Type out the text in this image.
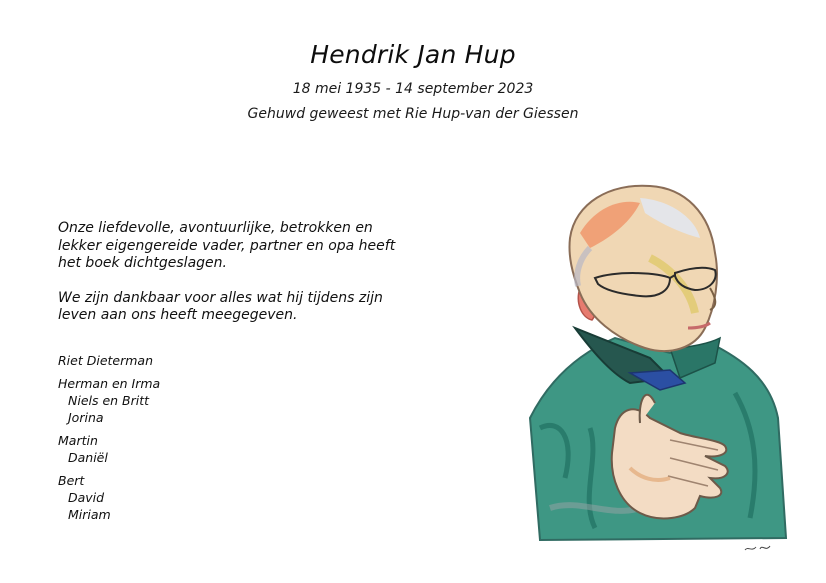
Hendrik Jan Hup
18 mei 1935 - 14 september 2023
Gehuwd geweest met Rie Hup-van der Giessen

Onze liefdevolle, avontuurlijke, betrokken en lekker eigengereide vader, partner en opa heeft het boek dichtgeslagen.

We zijn dankbaar voor alles wat hij tijdens zijn leven aan ons heeft meegegeven.

Riet Dieterman
Herman en Irma
Niels en Britt
Jorina
Martin
Daniël
Bert
David
Miriam
